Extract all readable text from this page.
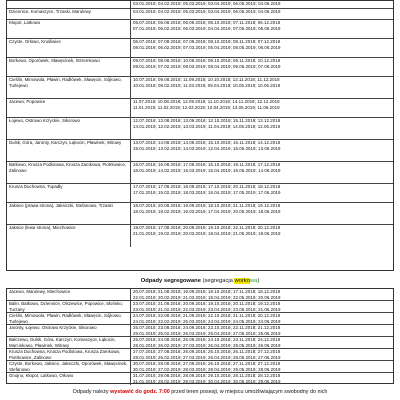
03.01.2019; 04.02.2019; 05.03.2019; 03.04.2019; 06.05.2019; 04.06.2019
Dziennice, Komaszyce, Trzaski, Marulewy	04.01.2019; 04.02.2019; 05.03.2019; 03.04.2019; 06.05.2019; 04.06.2019
Kłopot, Latkowo	05.07.2018; 06.08.2018; 06.09.2018; 08.10.2018; 07.11.2018; 06.12.2018
07.01.2019; 05.02.2019; 06.03.2019; 04.04.2019; 07.05.2019; 05.06.2019
Czyste, Orłowo, Kruśliwiec	06.07.2018; 07.08.2018; 07.09.2018; 08.10.2018; 08.11.2018; 07.12.2018
08.01.2019; 06.02.2019; 07.03.2019; 05.04.2019; 08.05.2019; 06.06.2019
Borkowo, Oporówek, Sławęcinek, Strzemkowo	09.07.2018; 08.08.2018; 10.09.2018; 09.10.2018; 09.11.2018; 10.12.2018
09.01.2019; 07.02.2019; 08.03.2019; 08.04.2019; 09.05.2019; 07.06.2019
Cieślin, Mimowola, Pławin, Radłówek, Sławęcin, Sójkowo, Turlejewo
10.07.2018; 09.08.2018; 11.09.2018; 10.10.2018; 13.11.2018; 11.12.2018
10.01.2019; 08.02.2019; 11.03.2019; 09.04.2019; 10.05.2019; 10.06.2019
Jacewo, Popowice	11.07.2018; 10.08.2018; 12.09.2018; 11.10.2018; 14.11.2018; 12.12.2018
11.01.2019; 11.02.2019; 12.03.2019; 10.04.2019; 13.05.2019; 11.06.2019
Łojewo, Ostrowo Krzyckie, Sikorowo	12.07.2018; 13.08.2018; 13.09.2018; 12.10.2018; 15.11.2018; 13.12.2018
14.01.2019; 12.02.2019; 13.03.2019; 11.04.2019; 14.05.2019; 12.06.2019
Dulsk, Góra, Jaronty, Karczyn, Łąkocin, Pławinek, Witowy	13.07.2018; 14.08.2018; 14.09.2018; 15.10.2018; 16.11.2018; 14.12.2018
15.01.2019; 13.02.2019; 14.03.2019; 12.04.2019; 15.05.2019; 13.06.2019
Batkowo, Kruszа Podlotowa, Kruszа Zamkowa, Piotrkowice, Zalinowo
16.07.2018; 16.08.2018; 17.09.2018; 16.10.2018; 19.11.2018; 17.12.2018
16.01.2019; 14.02.2019; 15.03.2019; 15.04.2019; 16.05.2019; 14.06.2019
Kruszа Duchowna, Tupadły	17.07.2018; 17.08.2018; 18.09.2018; 17.10.2018; 20.11.2018; 18.12.2018
17.01.2019; 15.02.2019; 18.03.2019; 16.04.2019; 17.05.2019; 17.06.2019
Jaksice (prawa strona), Jaksiczki, Stefanowo, Trzaski	18.07.2018; 20.08.2018; 19.09.2018; 18.10.2018; 21.11.2018; 19.12.2018
18.01.2019; 18.02.2019; 19.03.2019; 17.04.2019; 20.05.2019; 18.06.2019
Jaksice (lewa strona), Miechowice	19.07.2018; 17.08.2018; 20.09.2018; 19.10.2018; 22.11.2018; 20.12.2018
21.01.2019; 19.02.2019; 20.03.2019; 18.04.2019; 21.05.2019; 19.06.2019
Odpady segregowane (segregacja workowa)
Jacewo, Marulewy, Miechowice	20.07.2018; 21.08.2018; 19.09.2018; 18.10.2018; 17.11.2018; 18.12.2018
22.01.2019; 20.02.2019; 21.03.2019; 19.04.2019; 22.05.2019; 20.06.2019
Balin, Batkowo, Dziennice, Olszewice, Popowice, Słońsko, Turzany
23.07.2018; 21.08.2018; 20.09.2018; 19.10.2018; 20.11.2018; 19.12.2018
23.01.2019; 21.02.2019; 22.03.2019; 23.04.2019; 23.05.2019; 21.06.2019
Cieślin, Mimowola, Pławin, Radłówek, Sławęcin, Sójkowo, Turlejewo
24.07.2018; 22.08.2018; 21.09.2018; 22.10.2018; 21.11.2018; 20.12.2018
24.01.2019; 22.02.2019; 25.03.2019; 24.04.2019; 24.05.2019; 24.06.2019
Jaronty, Łojewo, Ostrowo Krzyckie, Sikorowo	25.07.2018; 23.08.2018; 24.09.2018; 23.10.2018; 22.11.2018; 21.12.2018
25.01.2019; 25.02.2019; 26.03.2019; 25.04.2019; 27.05.2019; 25.06.2019
Bałczewo, Dulsk, Góra, Karczyn, Komaszyce, Łąkocin, Marcinkowo, Pławinek, Witowy
25.07.2018; 24.08.2018; 25.09.2018; 24.10.2018; 23.11.2018; 24.12.2018
28.01.2019; 26.02.2019; 27.03.2019; 26.04.2019; 28.05.2019; 26.06.2019
Kruszа Duchowna, Kruszа Podlotowa, Kruszа Zamkowa, Piotrkowice, Zalinowo
27.07.2018; 27.08.2018; 26.09.2018; 25.10.2018; 26.11.2018; 27.12.2018
28.01.2019; 26.02.2019; 27.03.2019; 26.04.2019; 28.05.2019; 27.06.2019
Czyste, Borkowo, Jaksice, Jaksiczki, Oporówek, Sławęcinek, Stefanowo
30.07.2018; 28.08.2018; 27.09.2018; 26.10.2018; 27.11.2018; 27.12.2018
30.01.2019; 27.02.2019; 28.03.2019; 29.04.2019; 29.05.2019; 28.06.2019
Gnojno, Kłopot, Latkowo, Orłowo	31.07.2018; 29.08.2018; 28.09.2018; 29.10.2018; 28.11.2018; 28.12.2018
31.01.2019; 28.02.2019; 29.03.2019; 30.04.2019; 30.05.2019; 29.06.2019
Odpady należy wystawić do godz. 7:00 przed teren posesji, w miejscu umożliwiającym swobodny do nich
